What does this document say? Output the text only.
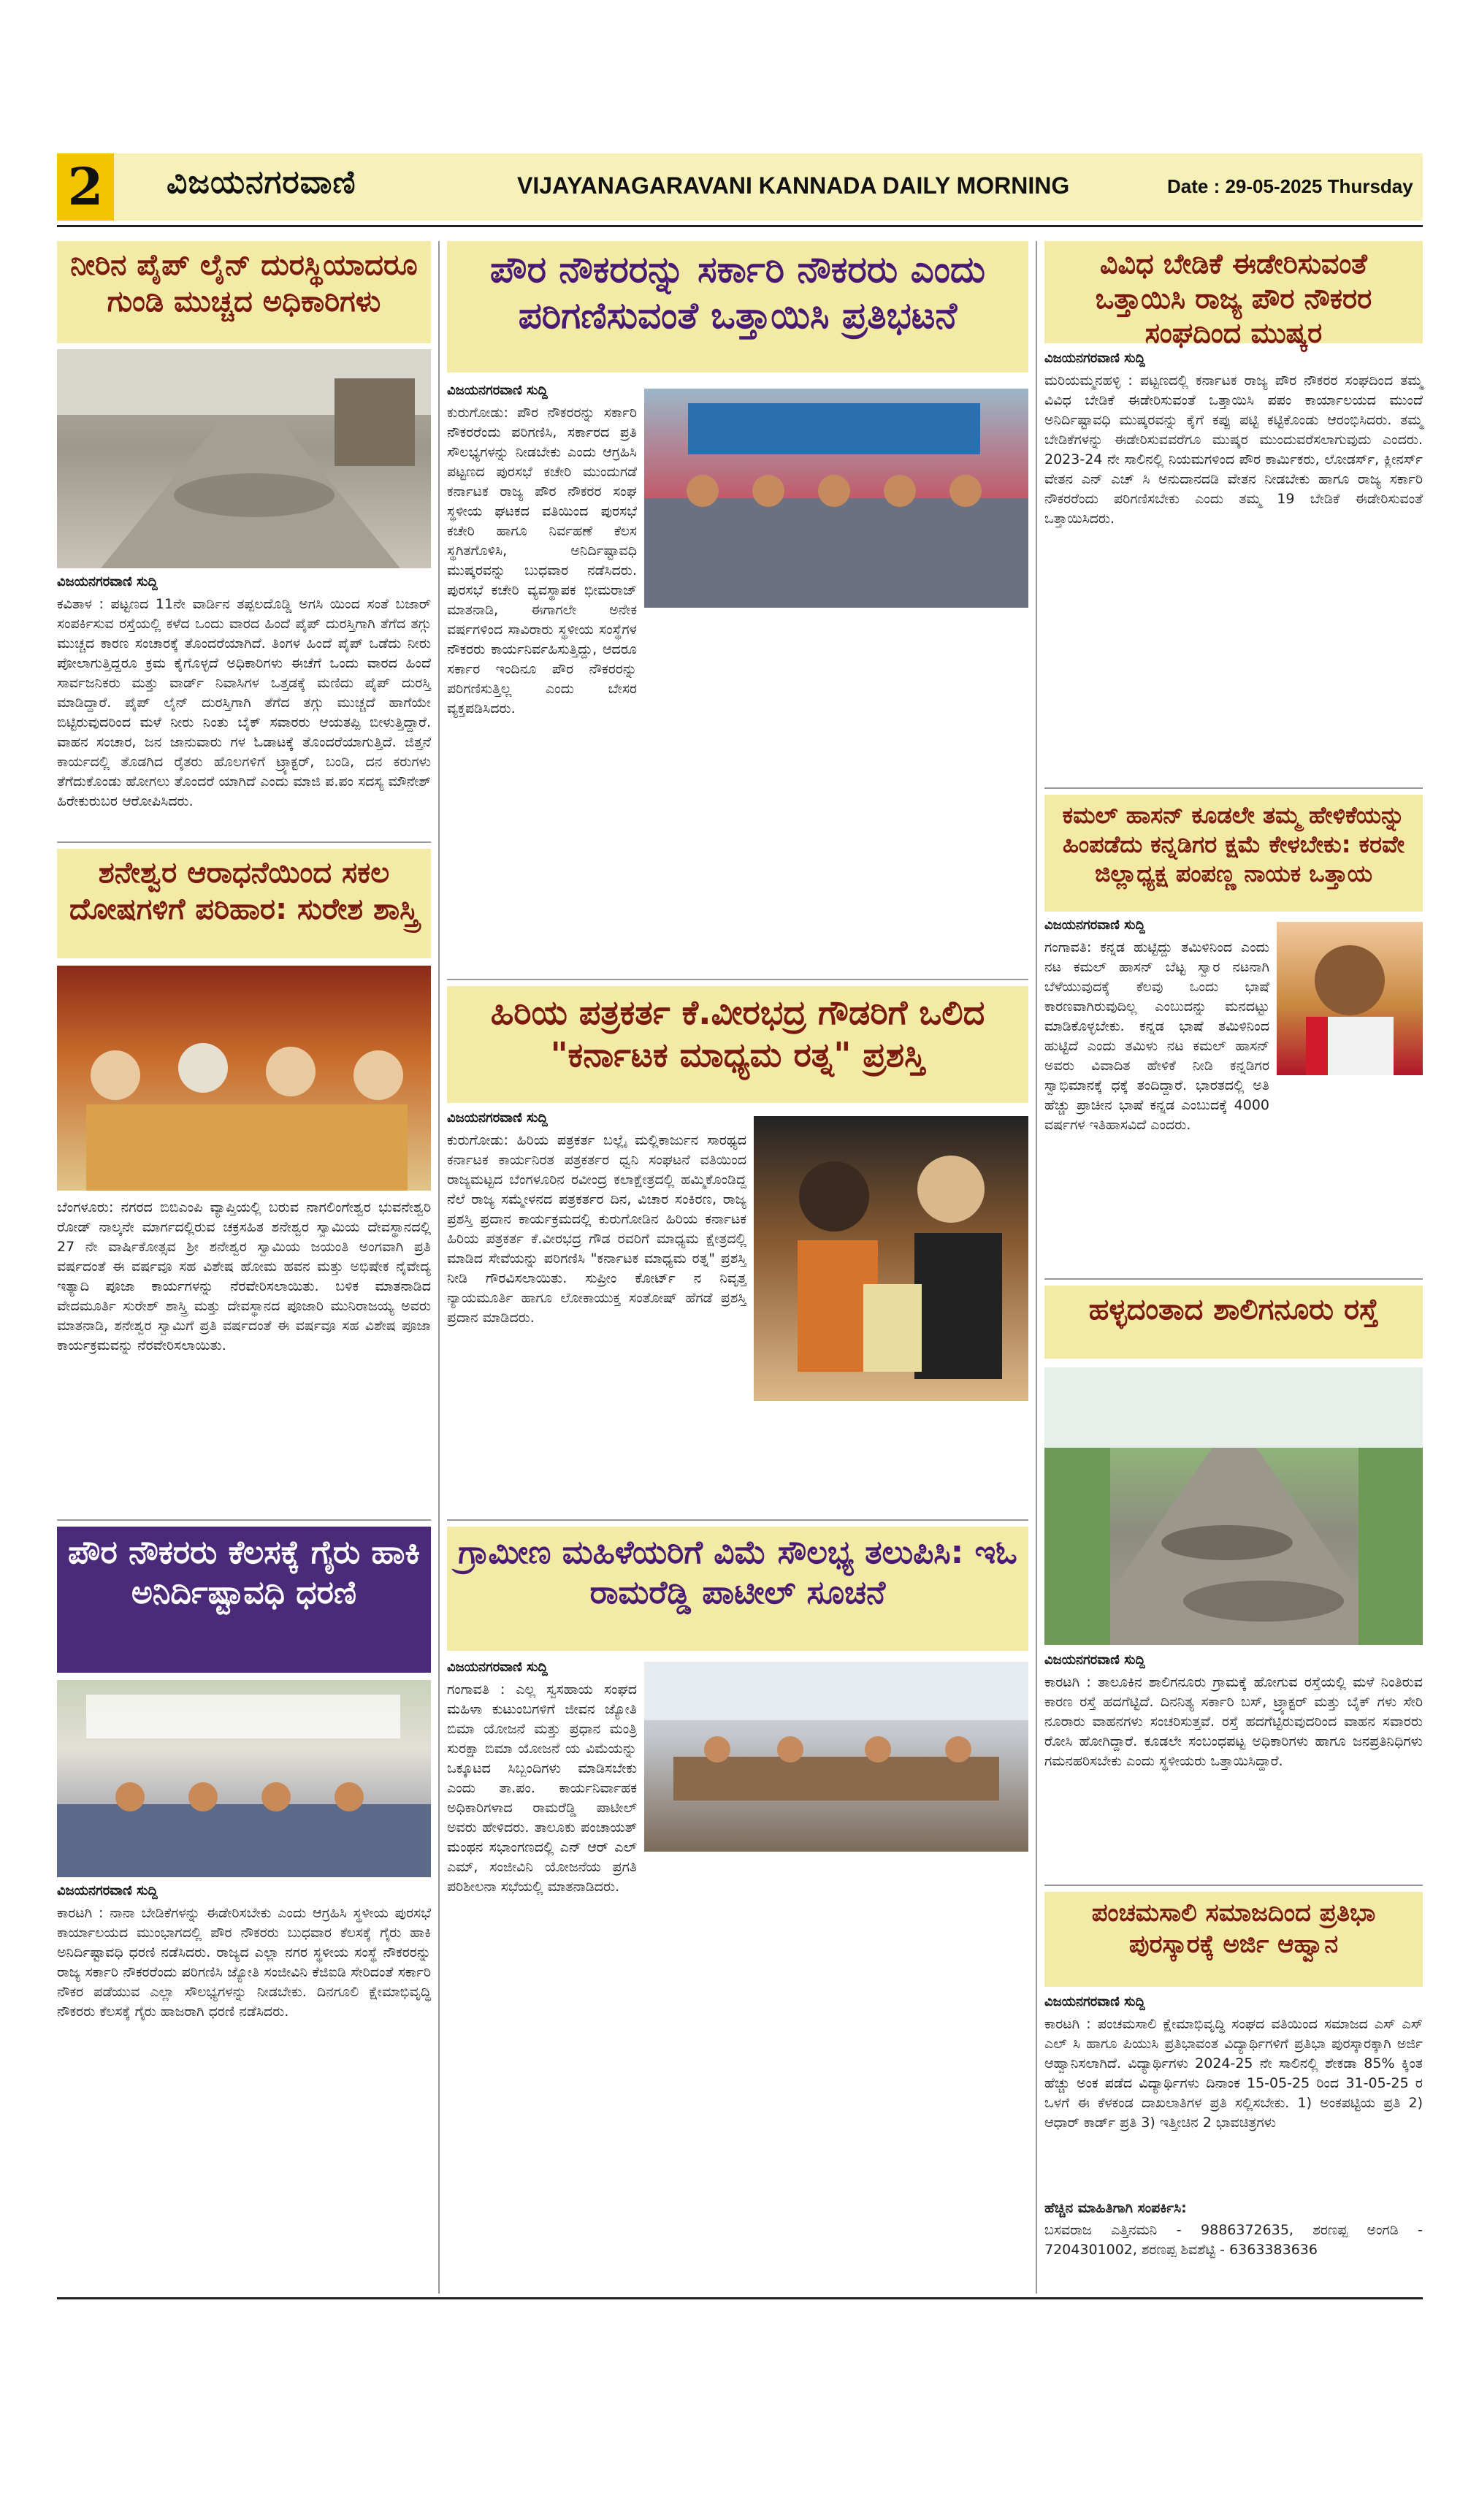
2	ವಿಜಯನಗರವಾಣಿ	VIJAYANAGARAVANI KANNADA DAILY MORNING	Date : 29-05-2025 Thursday
ನೀರಿನ ಪೈಪ್ ಲೈನ್ ದುರಸ್ಥಿಯಾದರೂ ಗುಂಡಿ ಮುಚ್ಚದ ಅಧಿಕಾರಿಗಳು
ವಿಜಯನಗರವಾಣಿ ಸುದ್ದಿ
ಕವಿತಾಳ : ಪಟ್ಟಣದ 11ನೇ ವಾರ್ಡಿನ ತಪ್ಪಲದೊಡ್ಡಿ ಅಗಸಿ ಯಿಂದ ಸಂತೆ ಬಜಾರ್ ಸಂಪರ್ಕಿಸುವ ರಸ್ತೆಯಲ್ಲಿ ಕಳೆದ ಒಂದು ವಾರದ ಹಿಂದೆ ಪೈಪ್ ದುರಸ್ತಿಗಾಗಿ ತೆಗೆದ ತಗ್ಗು ಮುಚ್ಚದ ಕಾರಣ ಸಂಚಾರಕ್ಕೆ ತೊಂದರೆಯಾಗಿದೆ. ತಿಂಗಳ ಹಿಂದೆ ಪೈಪ್ ಒಡೆದು ನೀರು ಪೋಲಾಗುತ್ತಿದ್ದರೂ ಕ್ರಮ ಕೈಗೊಳ್ಳದೆ ಅಧಿಕಾರಿಗಳು ಈಚೆಗೆ ಒಂದು ವಾರದ ಹಿಂದೆ ಸಾರ್ವಜನಿಕರು ಮತ್ತು ವಾರ್ಡ್ ನಿವಾಸಿಗಳ ಒತ್ತಡಕ್ಕೆ ಮಣಿದು ಪೈಪ್ ದುರಸ್ತಿ ಮಾಡಿದ್ದಾರೆ. ಪೈಪ್ ಲೈನ್ ದುರಸ್ತಿಗಾಗಿ ತೆಗೆದ ತಗ್ಗು ಮುಚ್ಚದೆ ಹಾಗೆಯೇ ಬಿಟ್ಟಿರುವುದರಿಂದ ಮಳೆ ನೀರು ನಿಂತು ಬೈಕ್ ಸವಾರರು ಆಯತಪ್ಪಿ ಬೀಳುತ್ತಿದ್ದಾರೆ. ವಾಹನ ಸಂಚಾರ, ಜನ ಜಾನುವಾರು ಗಳ ಓಡಾಟಕ್ಕೆ ತೊಂದರೆಯಾಗುತ್ತಿದೆ. ಜಿತ್ತನೆ ಕಾರ್ಯದಲ್ಲಿ ತೊಡಗಿದ ರೈತರು ಹೊಲಗಳಿಗೆ ಟ್ರ್ಯಾಕ್ಟರ್, ಬಂಡಿ, ದನ ಕರುಗಳು ತೆಗೆದುಕೊಂಡು ಹೋಗಲು ತೊಂದರೆ ಯಾಗಿದೆ ಎಂದು ಮಾಜಿ ಪ.ಪಂ ಸದಸ್ಯ ಮೌನೇಶ್ ಹಿರೇಕುರುಬರ ಆರೋಪಿಸಿದರು.
ಶನೇಶ್ವರ ಆರಾಧನೆಯಿಂದ ಸಕಲ ದೋಷಗಳಿಗೆ ಪರಿಹಾರ: ಸುರೇಶ ಶಾಸ್ತ್ರಿ
ಬೆಂಗಳೂರು: ನಗರದ ಬಿಬಿಎಂಪಿ ವ್ಯಾಪ್ತಿಯಲ್ಲಿ ಬರುವ ನಾಗಲಿಂಗೇಶ್ವರ ಭುವನೇಶ್ವರಿ ರೋಡ್ ನಾಲ್ಕನೇ ಮಾರ್ಗದಲ್ಲಿರುವ ಚಕ್ರಸಹಿತ ಶನೇಶ್ವರ ಸ್ವಾಮಿಯ ದೇವಸ್ಥಾನದಲ್ಲಿ 27 ನೇ ವಾರ್ಷಿಕೋತ್ಸವ ಶ್ರೀ ಶನೇಶ್ವರ ಸ್ವಾಮಿಯ ಜಯಂತಿ ಅಂಗವಾಗಿ ಪ್ರತಿ ವರ್ಷದಂತೆ ಈ ವರ್ಷವೂ ಸಹ ವಿಶೇಷ ಹೋಮ ಹವನ ಮತ್ತು ಅಭಿಷೇಕ ನೈವೇದ್ಯ ಇತ್ಯಾದಿ ಪೂಜಾ ಕಾರ್ಯಗಳನ್ನು ನೆರವೇರಿಸಲಾಯಿತು. ಬಳಿಕ ಮಾತನಾಡಿದ ವೇದಮೂರ್ತಿ ಸುರೇಶ್ ಶಾಸ್ತ್ರಿ ಮತ್ತು ದೇವಸ್ಥಾನದ ಪೂಜಾರಿ ಮುನಿರಾಜಯ್ಯ ಅವರು ಮಾತನಾಡಿ, ಶನೇಶ್ವರ ಸ್ವಾಮಿಗೆ ಪ್ರತಿ ವರ್ಷದಂತೆ ಈ ವರ್ಷವೂ ಸಹ ವಿಶೇಷ ಪೂಜಾ ಕಾರ್ಯಕ್ರಮವನ್ನು ನೆರವೇರಿಸಲಾಯಿತು.
ಪೌರ ನೌಕರರು ಕೆಲಸಕ್ಕೆ ಗೈರು ಹಾಕಿ ಅನಿರ್ದಿಷ್ಟಾವಧಿ ಧರಣಿ
ವಿಜಯನಗರವಾಣಿ ಸುದ್ದಿ
ಕಾರಟಗಿ : ನಾನಾ ಬೇಡಿಕೆಗಳನ್ನು ಈಡೇರಿಸಬೇಕು ಎಂದು ಆಗ್ರಹಿಸಿ ಸ್ಥಳೀಯ ಪುರಸಭೆ ಕಾರ್ಯಾಲಯದ ಮುಂಭಾಗದಲ್ಲಿ ಪೌರ ನೌಕರರು ಬುಧವಾರ ಕೆಲಸಕ್ಕೆ ಗೈರು ಹಾಕಿ ಅನಿರ್ದಿಷ್ಟಾವಧಿ ಧರಣಿ ನಡೆಸಿದರು. ರಾಜ್ಯದ ಎಲ್ಲಾ ನಗರ ಸ್ಥಳೀಯ ಸಂಸ್ಥೆ ನೌಕರರನ್ನು ರಾಜ್ಯ ಸರ್ಕಾರಿ ನೌಕರರೆಂದು ಪರಿಗಣಿಸಿ ಜ್ಯೋತಿ ಸಂಜೀವಿನಿ ಕೆಜಿಐಡಿ ಸೇರಿದಂತೆ ಸರ್ಕಾರಿ ನೌಕರ ಪಡೆಯುವ ಎಲ್ಲಾ ಸೌಲಭ್ಯಗಳನ್ನು ನೀಡಬೇಕು. ದಿನಗೂಲಿ ಕ್ಷೇಮಾಭಿವೃದ್ಧಿ ನೌಕರರು ಕೆಲಸಕ್ಕೆ ಗೈರು ಹಾಜರಾಗಿ ಧರಣಿ ನಡೆಸಿದರು.
ಪೌರ ನೌಕರರನ್ನು ಸರ್ಕಾರಿ ನೌಕರರು ಎಂದು ಪರಿಗಣಿಸುವಂತೆ ಒತ್ತಾಯಿಸಿ ಪ್ರತಿಭಟನೆ
ವಿಜಯನಗರವಾಣಿ ಸುದ್ದಿ
ಕುರುಗೋಡು: ಪೌರ ನೌಕರರನ್ನು ಸರ್ಕಾರಿ ನೌಕರರೆಂದು ಪರಿಗಣಿಸಿ, ಸರ್ಕಾರದ ಪ್ರತಿ ಸೌಲಭ್ಯಗಳನ್ನು ನೀಡಬೇಕು ಎಂದು ಆಗ್ರಹಿಸಿ ಪಟ್ಟಣದ ಪುರಸಭೆ ಕಚೇರಿ ಮುಂದುಗಡೆ ಕರ್ನಾಟಕ ರಾಜ್ಯ ಪೌರ ನೌಕರರ ಸಂಘ ಸ್ಥಳೀಯ ಘಟಕದ ವತಿಯಿಂದ ಪುರಸಭೆ ಕಚೇರಿ ಹಾಗೂ ನಿರ್ವಹಣೆ ಕೆಲಸ ಸ್ಥಗಿತಗೊಳಿಸಿ, ಅನಿರ್ದಿಷ್ಟಾವಧಿ ಮುಷ್ಕರವನ್ನು ಬುಧವಾರ ನಡೆಸಿದರು. ಪುರಸಭೆ ಕಚೇರಿ ವ್ಯವಸ್ಥಾಪಕ ಭೀಮರಾಜ್ ಮಾತನಾಡಿ, ಈಗಾಗಲೇ ಅನೇಕ ವರ್ಷಗಳಿಂದ ಸಾವಿರಾರು ಸ್ಥಳೀಯ ಸಂಸ್ಥೆಗಳ ನೌಕರರು ಕಾರ್ಯನಿರ್ವಹಿಸುತ್ತಿದ್ದು, ಆದರೂ ಸರ್ಕಾರ ಇಂದಿನೂ ಪೌರ ನೌಕರರನ್ನು ಪರಿಗಣಿಸುತ್ತಿಲ್ಲ ಎಂದು ಬೇಸರ ವ್ಯಕ್ತಪಡಿಸಿದರು.
ಹಿರಿಯ ಪತ್ರಕರ್ತ ಕೆ.ವೀರಭದ್ರ ಗೌಡರಿಗೆ ಒಲಿದ "ಕರ್ನಾಟಕ ಮಾಧ್ಯಮ ರತ್ನ" ಪ್ರಶಸ್ತಿ
ವಿಜಯನಗರವಾಣಿ ಸುದ್ದಿ
ಕುರುಗೋಡು: ಹಿರಿಯ ಪತ್ರಕರ್ತ ಬಲ್ಲೈ ಮಲ್ಲಿಕಾರ್ಜುನ ಸಾರಥ್ಯದ ಕರ್ನಾಟಕ ಕಾರ್ಯನಿರತ ಪತ್ರಕರ್ತರ ಧ್ವನಿ ಸಂಘಟನೆ ವತಿಯಿಂದ ರಾಜ್ಯಮಟ್ಟದ ಬೆಂಗಳೂರಿನ ರವೀಂದ್ರ ಕಲಾಕ್ಷೇತ್ರದಲ್ಲಿ ಹಮ್ಮಿಕೊಂಡಿದ್ದ ನೆಲೆ ರಾಜ್ಯ ಸಮ್ಮೇಳನದ ಪತ್ರಕರ್ತರ ದಿನ, ವಿಚಾರ ಸಂಕಿರಣ, ರಾಜ್ಯ ಪ್ರಶಸ್ತಿ ಪ್ರದಾನ ಕಾರ್ಯಕ್ರಮದಲ್ಲಿ ಕುರುಗೋಡಿನ ಹಿರಿಯ ಕರ್ನಾಟಕ ಹಿರಿಯ ಪತ್ರಕರ್ತ ಕೆ.ವೀರಭದ್ರ ಗೌಡ ರವರಿಗೆ ಮಾಧ್ಯಮ ಕ್ಷೇತ್ರದಲ್ಲಿ ಮಾಡಿದ ಸೇವೆಯನ್ನು ಪರಿಗಣಿಸಿ "ಕರ್ನಾಟಕ ಮಾಧ್ಯಮ ರತ್ನ" ಪ್ರಶಸ್ತಿ ನೀಡಿ ಗೌರವಿಸಲಾಯಿತು. ಸುಪ್ರೀಂ ಕೋರ್ಟ್ ನ ನಿವೃತ್ತ ನ್ಯಾಯಮೂರ್ತಿ ಹಾಗೂ ಲೋಕಾಯುಕ್ತ ಸಂತೋಷ್ ಹೆಗಡೆ ಪ್ರಶಸ್ತಿ ಪ್ರದಾನ ಮಾಡಿದರು.
ಗ್ರಾಮೀಣ ಮಹಿಳೆಯರಿಗೆ ವಿಮೆ ಸೌಲಭ್ಯ ತಲುಪಿಸಿ: ಇಓ ರಾಮರೆಡ್ಡಿ ಪಾಟೀಲ್ ಸೂಚನೆ
ವಿಜಯನಗರವಾಣಿ ಸುದ್ದಿ
ಗಂಗಾವತಿ : ಎಲ್ಲ ಸ್ವಸಹಾಯ ಸಂಘದ ಮಹಿಳಾ ಕುಟುಂಬಗಳಿಗೆ ಜೀವನ ಜ್ಯೋತಿ ಬಿಮಾ ಯೋಜನೆ ಮತ್ತು ಪ್ರಧಾನ ಮಂತ್ರಿ ಸುರಕ್ಷಾ ಬಿಮಾ ಯೋಜನೆ ಯ ವಿಮೆಯನ್ನು ಒಕ್ಕೂಟದ ಸಿಬ್ಬಂದಿಗಳು ಮಾಡಿಸಬೇಕು ಎಂದು ತಾ.ಪಂ. ಕಾರ್ಯನಿರ್ವಾಹಕ ಅಧಿಕಾರಿಗಳಾದ ರಾಮರೆಡ್ಡಿ ಪಾಟೀಲ್ ಅವರು ಹೇಳಿದರು. ತಾಲೂಕು ಪಂಚಾಯತ್ ಮಂಥನ ಸಭಾಂಗಣದಲ್ಲಿ ಎನ್ ಆರ್ ಎಲ್ ಎಮ್, ಸಂಜೀವಿನಿ ಯೋಜನೆಯ ಪ್ರಗತಿ ಪರಿಶೀಲನಾ ಸಭೆಯಲ್ಲಿ ಮಾತನಾಡಿದರು.
ವಿವಿಧ ಬೇಡಿಕೆ ಈಡೇರಿಸುವಂತೆ ಒತ್ತಾಯಿಸಿ ರಾಜ್ಯ ಪೌರ ನೌಕರರ ಸಂಘದಿಂದ ಮುಷ್ಕರ
ವಿಜಯನಗರವಾಣಿ ಸುದ್ದಿ
ಮರಿಯಮ್ಮನಹಳ್ಳಿ : ಪಟ್ಟಣದಲ್ಲಿ ಕರ್ನಾಟಕ ರಾಜ್ಯ ಪೌರ ನೌಕರರ ಸಂಘದಿಂದ ತಮ್ಮ ವಿವಿಧ ಬೇಡಿಕೆ ಈಡೇರಿಸುವಂತೆ ಒತ್ತಾಯಿಸಿ ಪಪಂ ಕಾರ್ಯಾಲಯದ ಮುಂದೆ ಅನಿರ್ದಿಷ್ಟಾವಧಿ ಮುಷ್ಕರವನ್ನು ಕೈಗೆ ಕಪ್ಪು ಪಟ್ಟಿ ಕಟ್ಟಿಕೊಂಡು ಆರಂಭಿಸಿದರು. ತಮ್ಮ ಬೇಡಿಕೆಗಳನ್ನು ಈಡೇರಿಸುವವರೆಗೂ ಮುಷ್ಕರ ಮುಂದುವರೆಸಲಾಗುವುದು ಎಂದರು. 2023-24 ನೇ ಸಾಲಿನಲ್ಲಿ ನಿಯಮಗಳಿಂದ ಪೌರ ಕಾರ್ಮಿಕರು, ಲೋಡರ್ಸ್, ಕ್ಲೀನರ್ಸ್ ವೇತನ ಎನ್ ಎಚ್ ಸಿ ಅನುದಾನದಡಿ ವೇತನ ನೀಡಬೇಕು ಹಾಗೂ ರಾಜ್ಯ ಸರ್ಕಾರಿ ನೌಕರರೆಂದು ಪರಿಗಣಿಸಬೇಕು ಎಂದು ತಮ್ಮ 19 ಬೇಡಿಕೆ ಈಡೇರಿಸುವಂತೆ ಒತ್ತಾಯಿಸಿದರು.
ಕಮಲ್ ಹಾಸನ್ ಕೂಡಲೇ ತಮ್ಮ ಹೇಳಿಕೆಯನ್ನು ಹಿಂಪಡೆದು ಕನ್ನಡಿಗರ ಕ್ಷಮೆ ಕೇಳಬೇಕು: ಕರವೇ ಜಿಲ್ಲಾಧ್ಯಕ್ಷ ಪಂಪಣ್ಣ ನಾಯಕ ಒತ್ತಾಯ
ವಿಜಯನಗರವಾಣಿ ಸುದ್ದಿ
ಗಂಗಾವತಿ: ಕನ್ನಡ ಹುಟ್ಟಿದ್ದು ತಮಿಳಿನಿಂದ ಎಂದು ನಟ ಕಮಲ್ ಹಾಸನ್ ಬೆಟ್ಟ ಸ್ವಾರ ನಟನಾಗಿ ಬೆಳೆಯುವುದಕ್ಕೆ ಕೆಲವು ಒಂದು ಭಾಷೆ ಕಾರಣವಾಗಿರುವುದಿಲ್ಲ ಎಂಬುದನ್ನು ಮನದಟ್ಟು ಮಾಡಿಕೊಳ್ಳಬೇಕು. ಕನ್ನಡ ಭಾಷೆ ತಮಿಳಿನಿಂದ ಹುಟ್ಟಿದೆ ಎಂದು ತಮಿಳು ನಟ ಕಮಲ್ ಹಾಸನ್ ಅವರು ವಿವಾದಿತ ಹೇಳಿಕೆ ನೀಡಿ ಕನ್ನಡಿಗರ ಸ್ವಾಭಿಮಾನಕ್ಕೆ ಧಕ್ಕೆ ತಂದಿದ್ದಾರೆ. ಭಾರತದಲ್ಲಿ ಅತಿ ಹೆಚ್ಚು ಪ್ರಾಚೀನ ಭಾಷೆ ಕನ್ನಡ ಎಂಬುದಕ್ಕೆ 4000 ವರ್ಷಗಳ ಇತಿಹಾಸವಿದೆ ಎಂದರು.
ಹಳ್ಳದಂತಾದ ಶಾಲಿಗನೂರು ರಸ್ತೆ
ವಿಜಯನಗರವಾಣಿ ಸುದ್ದಿ
ಕಾರಟಗಿ : ತಾಲೂಕಿನ ಶಾಲಿಗನೂರು ಗ್ರಾಮಕ್ಕೆ ಹೋಗುವ ರಸ್ತೆಯಲ್ಲಿ ಮಳೆ ನಿಂತಿರುವ ಕಾರಣ ರಸ್ತೆ ಹದಗೆಟ್ಟಿದೆ. ದಿನನಿತ್ಯ ಸರ್ಕಾರಿ ಬಸ್, ಟ್ರ್ಯಾಕ್ಟರ್ ಮತ್ತು ಬೈಕ್ ಗಳು ಸೇರಿ ನೂರಾರು ವಾಹನಗಳು ಸಂಚರಿಸುತ್ತವೆ. ರಸ್ತೆ ಹದಗೆಟ್ಟಿರುವುದರಿಂದ ವಾಹನ ಸವಾರರು ರೋಸಿ ಹೋಗಿದ್ದಾರೆ. ಕೂಡಲೇ ಸಂಬಂಧಪಟ್ಟ ಅಧಿಕಾರಿಗಳು ಹಾಗೂ ಜನಪ್ರತಿನಿಧಿಗಳು ಗಮನಹರಿಸಬೇಕು ಎಂದು ಸ್ಥಳೀಯರು ಒತ್ತಾಯಿಸಿದ್ದಾರೆ.
ಪಂಚಮಸಾಲಿ ಸಮಾಜದಿಂದ ಪ್ರತಿಭಾ ಪುರಸ್ಕಾರಕ್ಕೆ ಅರ್ಜಿ ಆಹ್ವಾನ
ವಿಜಯನಗರವಾಣಿ ಸುದ್ದಿ
ಕಾರಟಗಿ : ಪಂಚಮಸಾಲಿ ಕ್ಷೇಮಾಭಿವೃದ್ಧಿ ಸಂಘದ ವತಿಯಿಂದ ಸಮಾಜದ ಎಸ್ ಎಸ್ ಎಲ್ ಸಿ ಹಾಗೂ ಪಿಯುಸಿ ಪ್ರತಿಭಾವಂತ ವಿದ್ಯಾರ್ಥಿಗಳಿಗೆ ಪ್ರತಿಭಾ ಪುರಸ್ಕಾರಕ್ಕಾಗಿ ಅರ್ಜಿ ಆಹ್ವಾನಿಸಲಾಗಿದೆ. ವಿದ್ಯಾರ್ಥಿಗಳು 2024-25 ನೇ ಸಾಲಿನಲ್ಲಿ ಶೇಕಡಾ 85% ಕ್ಕಿಂತ ಹೆಚ್ಚು ಅಂಕ ಪಡೆದ ವಿದ್ಯಾರ್ಥಿಗಳು ದಿನಾಂಕ 15-05-25 ರಿಂದ 31-05-25 ರ ಒಳಗೆ ಈ ಕೆಳಕಂಡ ದಾಖಲಾತಿಗಳ ಪ್ರತಿ ಸಲ್ಲಿಸಬೇಕು. 1) ಅಂಕಪಟ್ಟಿಯ ಪ್ರತಿ 2) ಆಧಾರ್ ಕಾರ್ಡ್ ಪ್ರತಿ 3) ಇತ್ತೀಚಿನ 2 ಭಾವಚಿತ್ರಗಳು
ಹೆಚ್ಚಿನ ಮಾಹಿತಿಗಾಗಿ ಸಂಪರ್ಕಿಸಿ:
ಬಸವರಾಜ ಎತ್ತಿನಮನಿ - 9886372635, ಶರಣಪ್ಪ ಅಂಗಡಿ - 7204301002, ಶರಣಪ್ಪ ಶಿವಶೆಟ್ಟಿ - 6363383636
